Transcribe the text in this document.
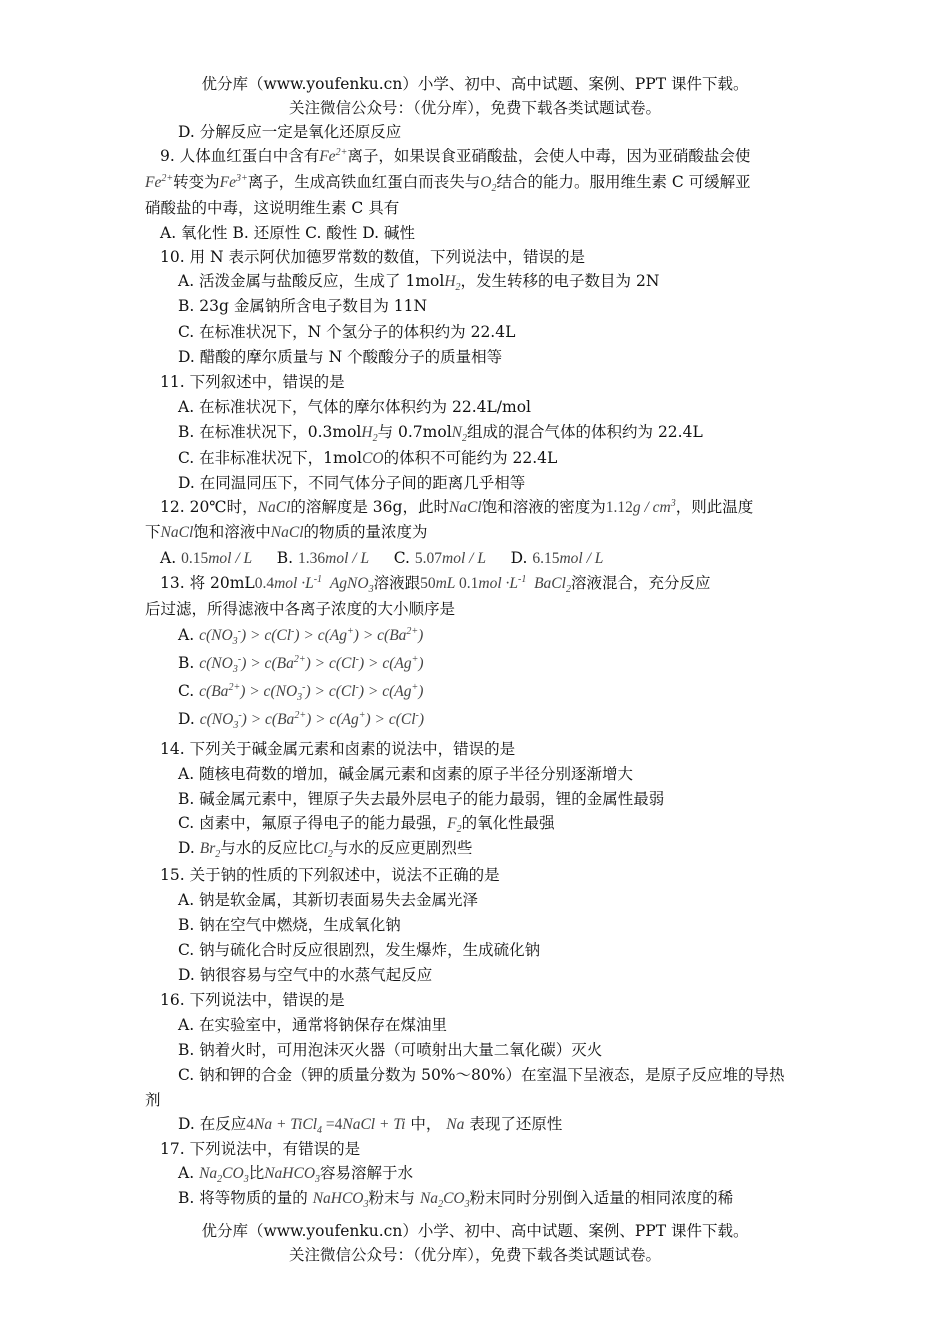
优分库（www.youfenku.cn）小学、初中、高中试题、案例、PPT 课件下载。
关注微信公众号：（优分库），免费下载各类试题试卷。
D. 分解反应一定是氧化还原反应
9. 人体血红蛋白中含有$Fe^{2+}$离子，如果误食亚硝酸盐，会使人中毒，因为亚硝酸盐会使
$Fe^{2+}$转变为$Fe^{3+}$离子，生成高铁血红蛋白而丧失与$O_2$结合的能力。服用维生素 C 可缓解亚
硝酸盐的中毒，这说明维生素 C 具有
A. 氧化性 B. 还原性 C. 酸性 D. 碱性
10. 用 N 表示阿伏加德罗常数的数值，下列说法中，错误的是
A. 活泼金属与盐酸反应，生成了 1molH$_2$，发生转移的电子数目为 2N
B. 23g 金属钠所含电子数目为 11N
C. 在标准状况下，N 个氢分子的体积约为 22.4L
D. 醋酸的摩尔质量与 N 个酸酸分子的质量相等
11. 下列叙述中，错误的是
A. 在标准状况下，气体的摩尔体积约为 22.4L/mol
B. 在标准状况下，0.3molH$_2$与 0.7molN$_2$组成的混合气体的体积约为 22.4L
C. 在非标准状况下，1molCO的体积不可能约为 22.4L
D. 在同温同压下，不同气体分子间的距离几乎相等
12. 20℃时，NaCl的溶解度是 36g，此时NaCl饱和溶液的密度为$1.12g / cm^3$，则此温度
下NaCl饱和溶液中NaCl的物质的量浓度为
A. 0.15mol / L B. 1.36mol / L C. 5.07mol / L D. 6.15mol / L
13. 将 $20mL0.4mol \cdot L^{-1}$  AgNO$_3$溶液跟50mL $0.1mol \cdot L^{-1}$  BaCl$_2$溶液混合，充分反应
后过滤，所得滤液中各离子浓度的大小顺序是
A. $c(NO_3^-) > c(Cl^-) > c(Ag^+) > c(Ba^{2+})$
B. $c(NO_3^-) > c(Ba^{2+}) > c(Cl^-) > c(Ag^+)$
C. $c(Ba^{2+}) > c(NO_3^-) > c(Cl^-) > c(Ag^+)$
D. $c(NO_3^-) > c(Ba^{2+}) > c(Ag^+) > c(Cl^-)$
14. 下列关于碱金属元素和卤素的说法中，错误的是
A. 随核电荷数的增加，碱金属元素和卤素的原子半径分别逐渐增大
B. 碱金属元素中，锂原子失去最外层电子的能力最弱，锂的金属性最弱
C. 卤素中，氟原子得电子的能力最强，$F_2$的氧化性最强
D. $Br_2$与水的反应比$Cl_2$与水的反应更剧烈些
15. 关于钠的性质的下列叙述中，说法不正确的是
A. 钠是软金属，其新切表面易失去金属光泽
B. 钠在空气中燃烧，生成氧化钠
C. 钠与硫化合时反应很剧烈，发生爆炸，生成硫化钠
D. 钠很容易与空气中的水蒸气起反应
16. 下列说法中，错误的是
A. 在实验室中，通常将钠保存在煤油里
B. 钠着火时，可用泡沫灭火器（可喷射出大量二氧化碳）灭火
C. 钠和钾的合金（钾的质量分数为 50%～80%）在室温下呈液态，是原子反应堆的导热
剂
D. 在反应4Na + TiCl$_4$ =4NaCl + Ti 中， Na 表现了还原性
17. 下列说法中，有错误的是
A. $Na_2CO_3$比NaHCO$_3$容易溶解于水
B. 将等物质的量的 NaHCO$_3$粉末与 $Na_2CO_3$粉末同时分别倒入适量的相同浓度的稀
优分库（www.youfenku.cn）小学、初中、高中试题、案例、PPT 课件下载。
关注微信公众号：（优分库），免费下载各类试题试卷。
